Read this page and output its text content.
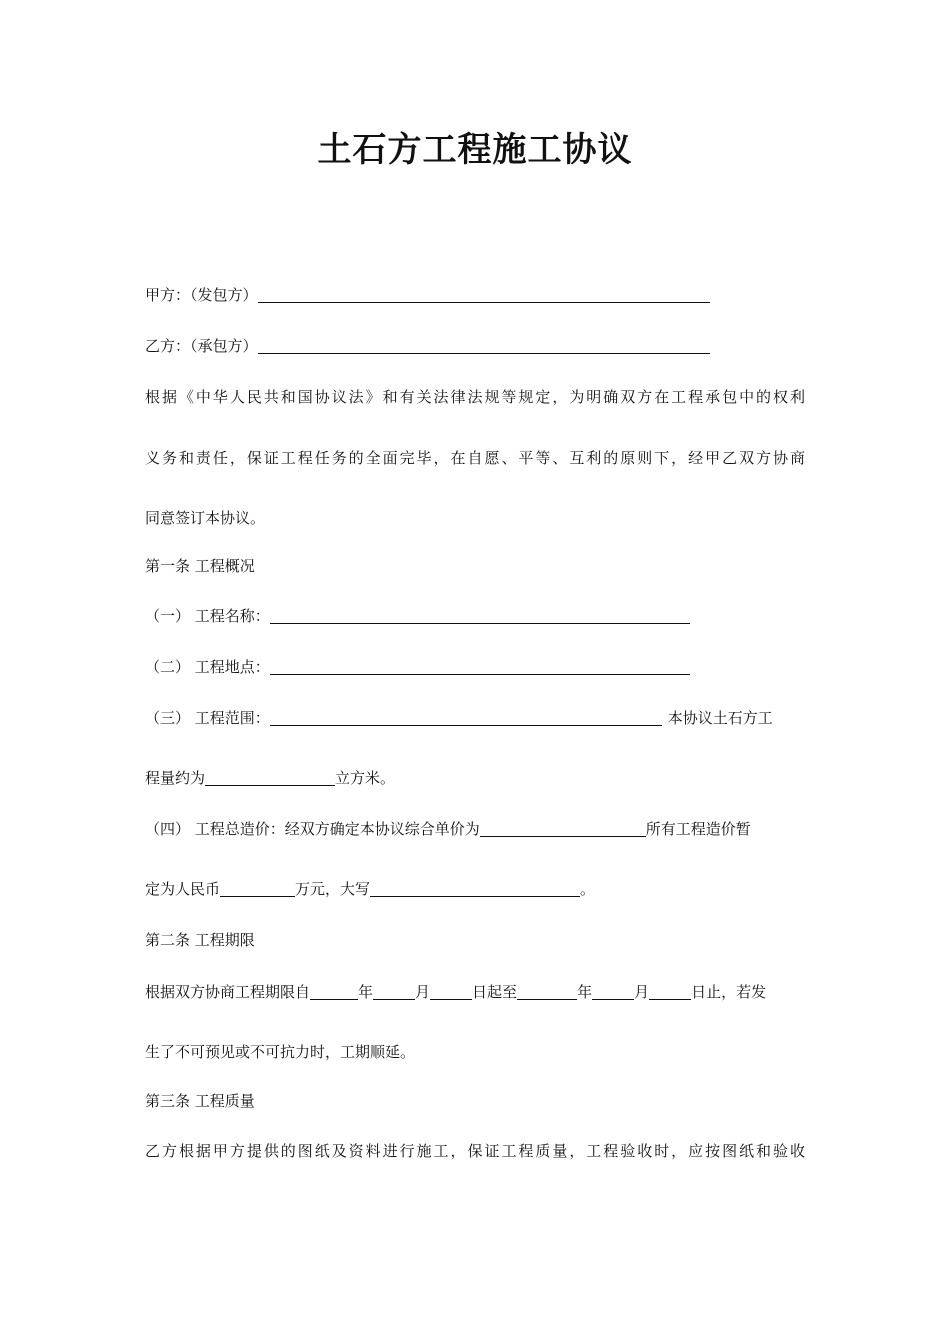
土石方工程施工协议
甲方：（发包方）
乙方：（承包方）
根据《中华人民共和国协议法》和有关法律法规等规定，为明确双方在工程承包中的权利
义务和责任，保证工程任务的全面完毕，在自愿、平等、互利的原则下，经甲乙双方协商
同意签订本协议。
第一条 工程概况
（一） 工程名称：
（二） 工程地点：
（三） 工程范围：	本协议土石方工
程量约为	立方米。
（四） 工程总造价：经双方确定本协议综合单价为	所有工程造价暂
定为人民币	万元，大写	。
第二条 工程期限
根据双方协商工程期限自	年	月	日起至	年	月	日止，若发
生了不可预见或不可抗力时，工期顺延。
第三条 工程质量
乙方根据甲方提供的图纸及资料进行施工，保证工程质量，工程验收时，应按图纸和验收
